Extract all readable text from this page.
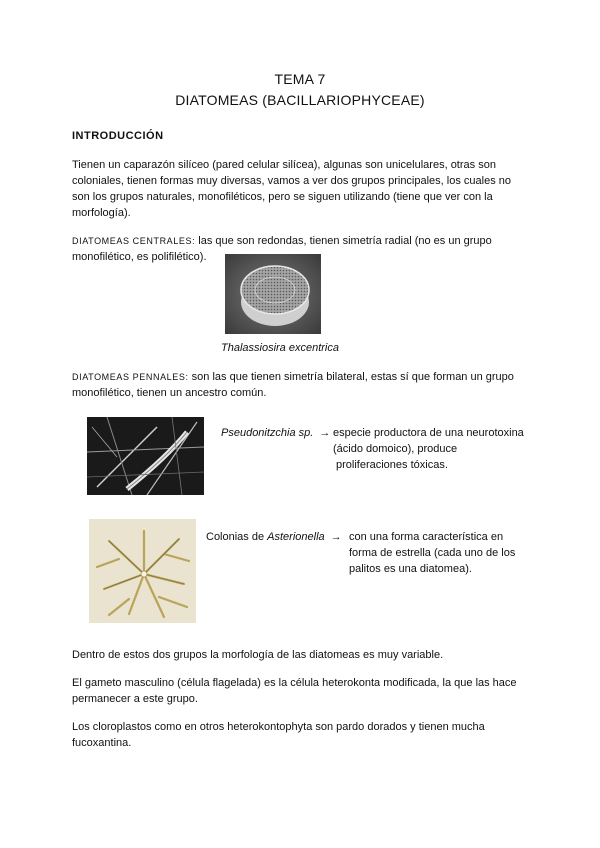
TEMA 7
DIATOMEAS (BACILLARIOPHYCEAE)
INTRODUCCIÓN
Tienen un caparazón silíceo (pared celular silícea), algunas son unicelulares, otras son
coloniales, tienen formas muy diversas, vamos a ver dos grupos principales, los cuales no
son los grupos naturales, monofiléticos, pero se siguen utilizando (tiene que ver con la
morfología).
DIATOMEAS CENTRALES: las que son redondas, tienen simetría radial (no es un grupo
monofilético, es polifilético).
Thalassiosira excentrica
DIATOMEAS PENNALES: son las que tienen simetría bilateral, estas sí que forman un grupo
monofilético, tienen un ancestro común.
Pseudonitzchia sp. → especie productora de una neurotoxina
(ácido domoico), produce
proliferaciones tóxicas.
Colonias de Asterionella → con una forma característica en
forma de estrella (cada uno de los
palitos es una diatomea).
Dentro de estos dos grupos la morfología de las diatomeas es muy variable.
El gameto masculino (célula flagelada) es la célula heterokonta modificada, la que las hace
permanecer a este grupo.
Los cloroplastos como en otros heterokontophyta son pardo dorados y tienen mucha
fucoxantina.
